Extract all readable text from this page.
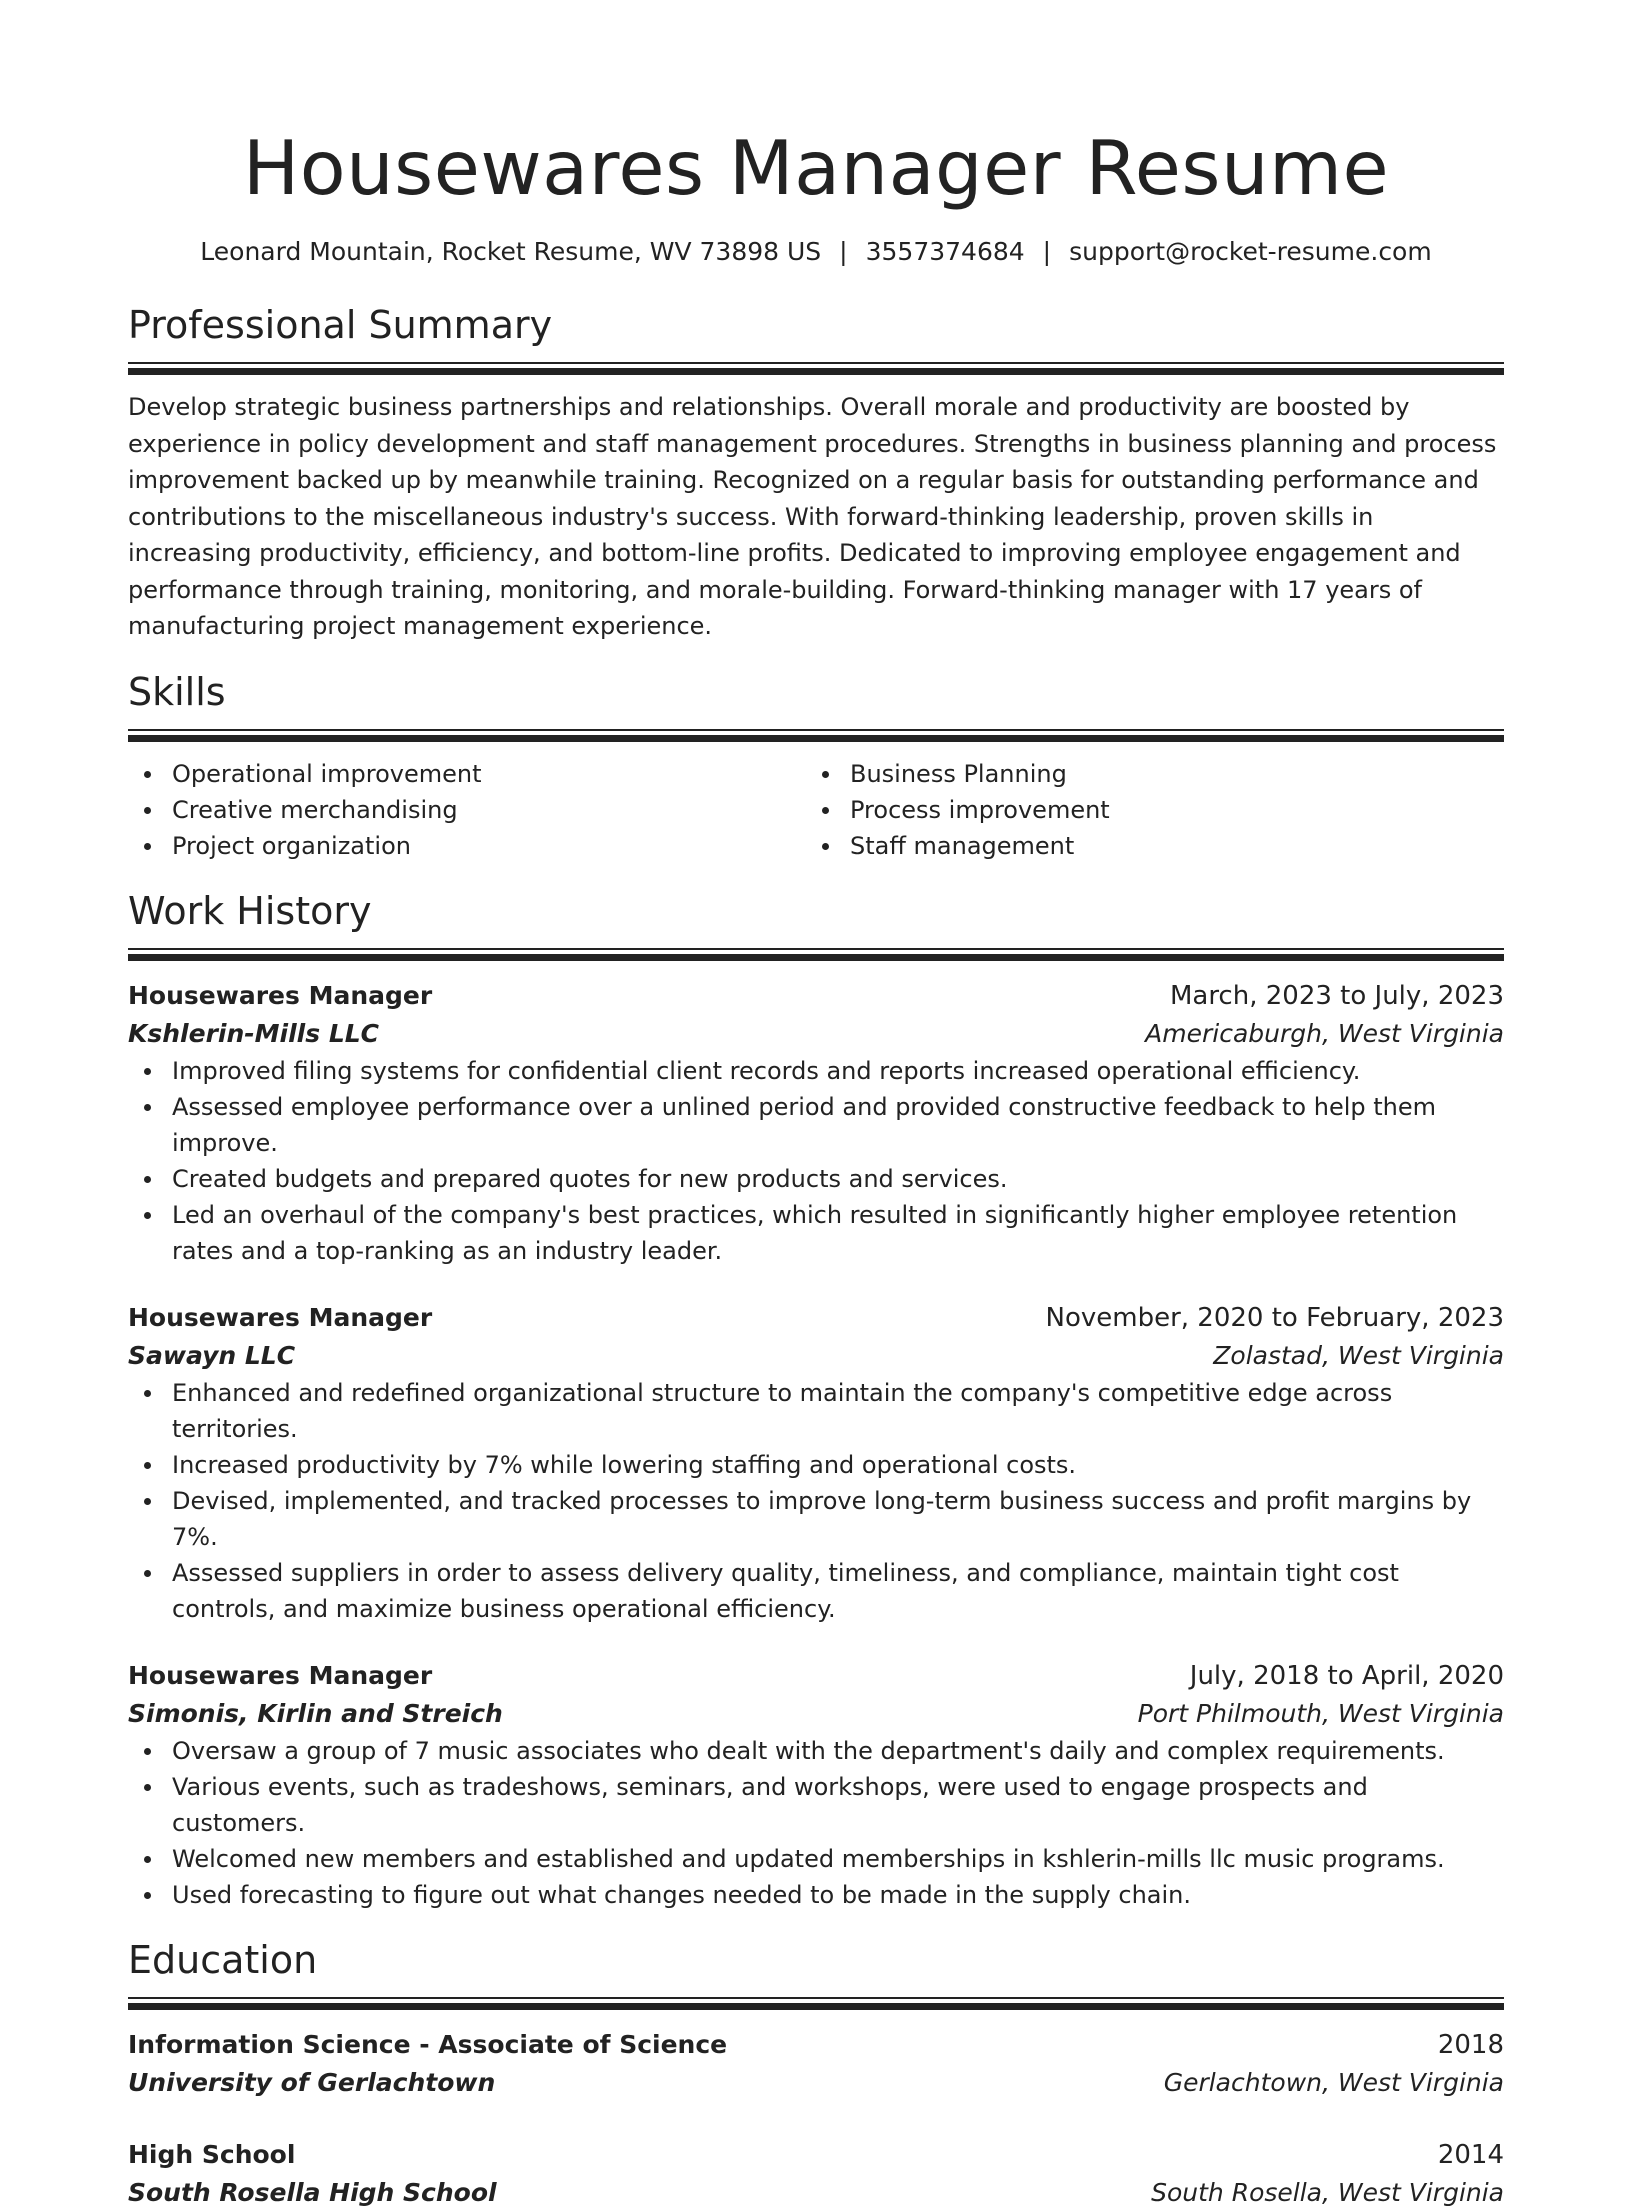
Housewares Manager Resume
Leonard Mountain, Rocket Resume, WV 73898 US | 3557374684 | support@rocket-resume.com
Professional Summary

Develop strategic business partnerships and relationships. Overall morale and productivity are boosted by experience in policy development and staff management procedures. Strengths in business planning and process improvement backed up by meanwhile training. Recognized on a regular basis for outstanding performance and contributions to the miscellaneous industry's success. With forward-thinking leadership, proven skills in increasing productivity, efficiency, and bottom-line profits. Dedicated to improving employee engagement and performance through training, monitoring, and morale-building. Forward-thinking manager with 17 years of manufacturing project management experience.

Skills
Operational improvement
Creative merchandising
Project organization
Business Planning
Process improvement
Staff management
Work History
Housewares Manager	March, 2023 to July, 2023
Kshlerin-Mills LLC	Americaburgh, West Virginia
Improved filing systems for confidential client records and reports increased operational efficiency.
Assessed employee performance over a unlined period and provided constructive feedback to help them improve.
Created budgets and prepared quotes for new products and services.
Led an overhaul of the company's best practices, which resulted in significantly higher employee retention rates and a top-ranking as an industry leader.
Housewares Manager	November, 2020 to February, 2023
Sawayn LLC	Zolastad, West Virginia
Enhanced and redefined organizational structure to maintain the company's competitive edge across territories.
Increased productivity by 7% while lowering staffing and operational costs.
Devised, implemented, and tracked processes to improve long-term business success and profit margins by 7%.
Assessed suppliers in order to assess delivery quality, timeliness, and compliance, maintain tight cost controls, and maximize business operational efficiency.
Housewares Manager	July, 2018 to April, 2020
Simonis, Kirlin and Streich	Port Philmouth, West Virginia
Oversaw a group of 7 music associates who dealt with the department's daily and complex requirements.
Various events, such as tradeshows, seminars, and workshops, were used to engage prospects and customers.
Welcomed new members and established and updated memberships in kshlerin-mills llc music programs.
Used forecasting to figure out what changes needed to be made in the supply chain.
Education
Information Science - Associate of Science	2018
University of Gerlachtown	Gerlachtown, West Virginia
High School	2014
South Rosella High School	South Rosella, West Virginia
